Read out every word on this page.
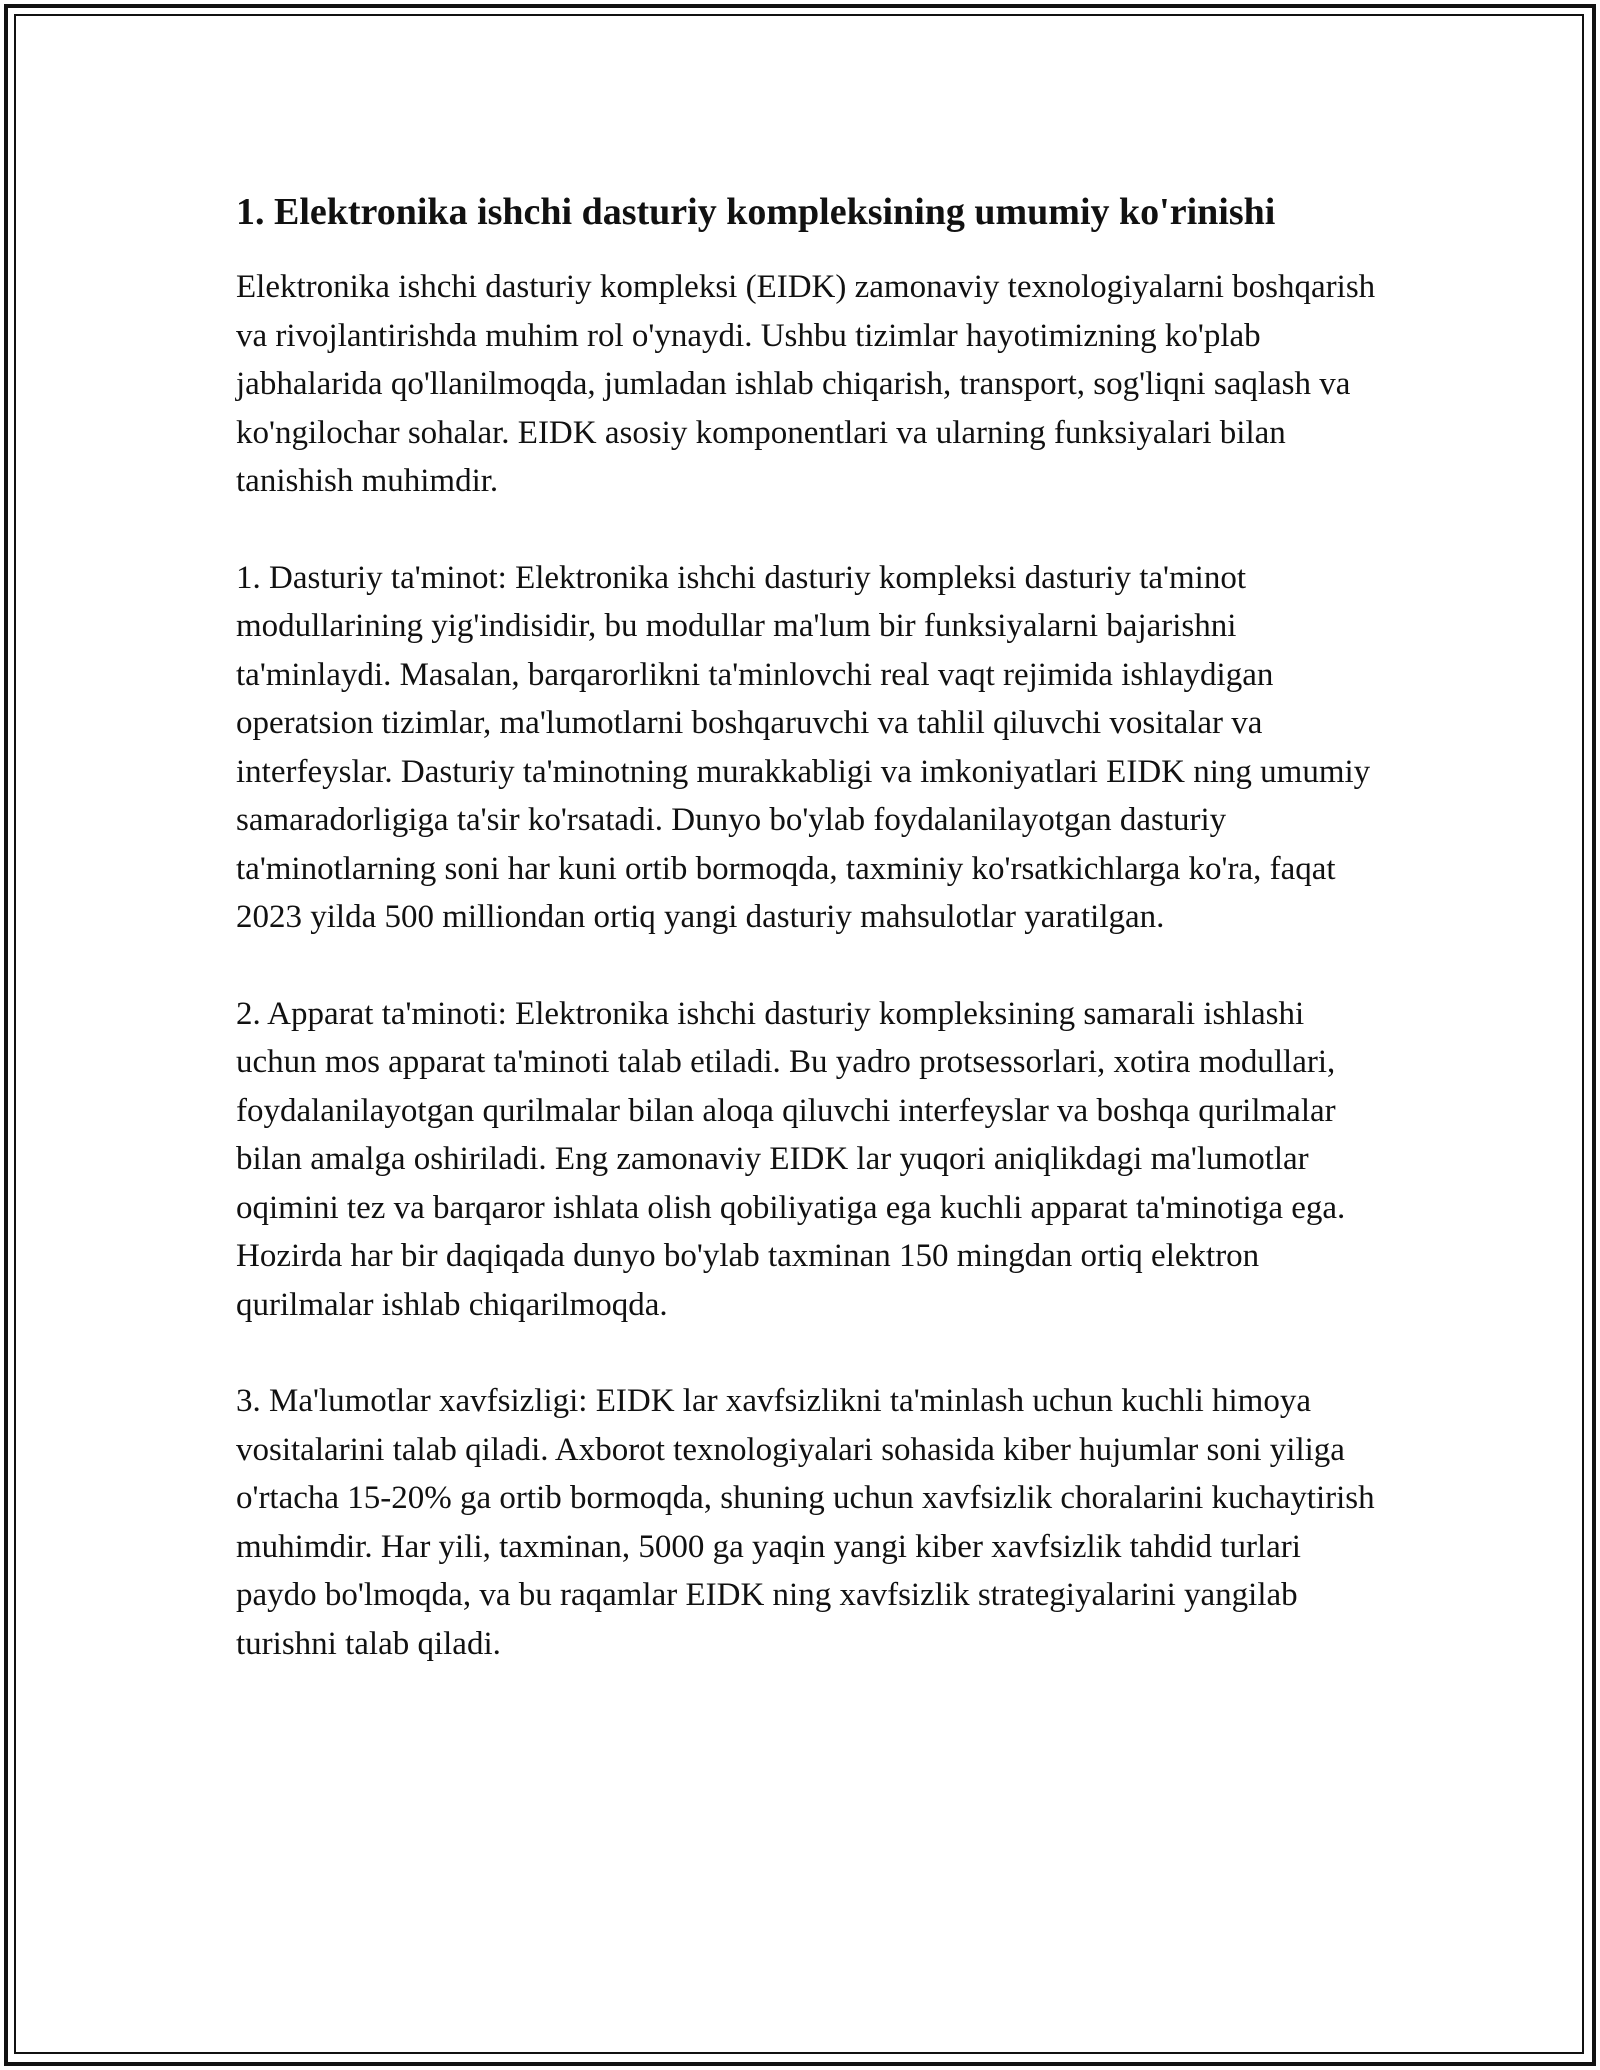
1. Elektronika ishchi dasturiy kompleksining umumiy ko'rinishi

Elektronika ishchi dasturiy kompleksi (EIDK) zamonaviy texnologiyalarni boshqarish va rivojlantirishda muhim rol o'ynaydi. Ushbu tizimlar hayotimizning ko'plab jabhalarida qo'llanilmoqda, jumladan ishlab chiqarish, transport, sog'liqni saqlash va ko'ngilochar sohalar. EIDK asosiy komponentlari va ularning funksiyalari bilan tanishish muhimdir.

1. Dasturiy ta'minot: Elektronika ishchi dasturiy kompleksi dasturiy ta'minot modullarining yig'indisidir, bu modullar ma'lum bir funksiyalarni bajarishni ta'minlaydi. Masalan, barqarorlikni ta'minlovchi real vaqt rejimida ishlaydigan operatsion tizimlar, ma'lumotlarni boshqaruvchi va tahlil qiluvchi vositalar va interfeyslar. Dasturiy ta'minotning murakkabligi va imkoniyatlari EIDK ning umumiy samaradorligiga ta'sir ko'rsatadi. Dunyo bo'ylab foydalanilayotgan dasturiy ta'minotlarning soni har kuni ortib bormoqda, taxminiy ko'rsatkichlarga ko'ra, faqat 2023 yilda 500 milliondan ortiq yangi dasturiy mahsulotlar yaratilgan.

2. Apparat ta'minoti: Elektronika ishchi dasturiy kompleksining samarali ishlashi uchun mos apparat ta'minoti talab etiladi. Bu yadro protsessorlari, xotira modullari, foydalanilayotgan qurilmalar bilan aloqa qiluvchi interfeyslar va boshqa qurilmalar bilan amalga oshiriladi. Eng zamonaviy EIDK lar yuqori aniqlikdagi ma'lumotlar oqimini tez va barqaror ishlata olish qobiliyatiga ega kuchli apparat ta'minotiga ega. Hozirda har bir daqiqada dunyo bo'ylab taxminan 150 mingdan ortiq elektron qurilmalar ishlab chiqarilmoqda.

3. Ma'lumotlar xavfsizligi: EIDK lar xavfsizlikni ta'minlash uchun kuchli himoya vositalarini talab qiladi. Axborot texnologiyalari sohasida kiber hujumlar soni yiliga o'rtacha 15-20% ga ortib bormoqda, shuning uchun xavfsizlik choralarini kuchaytirish muhimdir. Har yili, taxminan, 5000 ga yaqin yangi kiber xavfsizlik tahdid turlari paydo bo'lmoqda, va bu raqamlar EIDK ning xavfsizlik strategiyalarini yangilab turishni talab qiladi.
